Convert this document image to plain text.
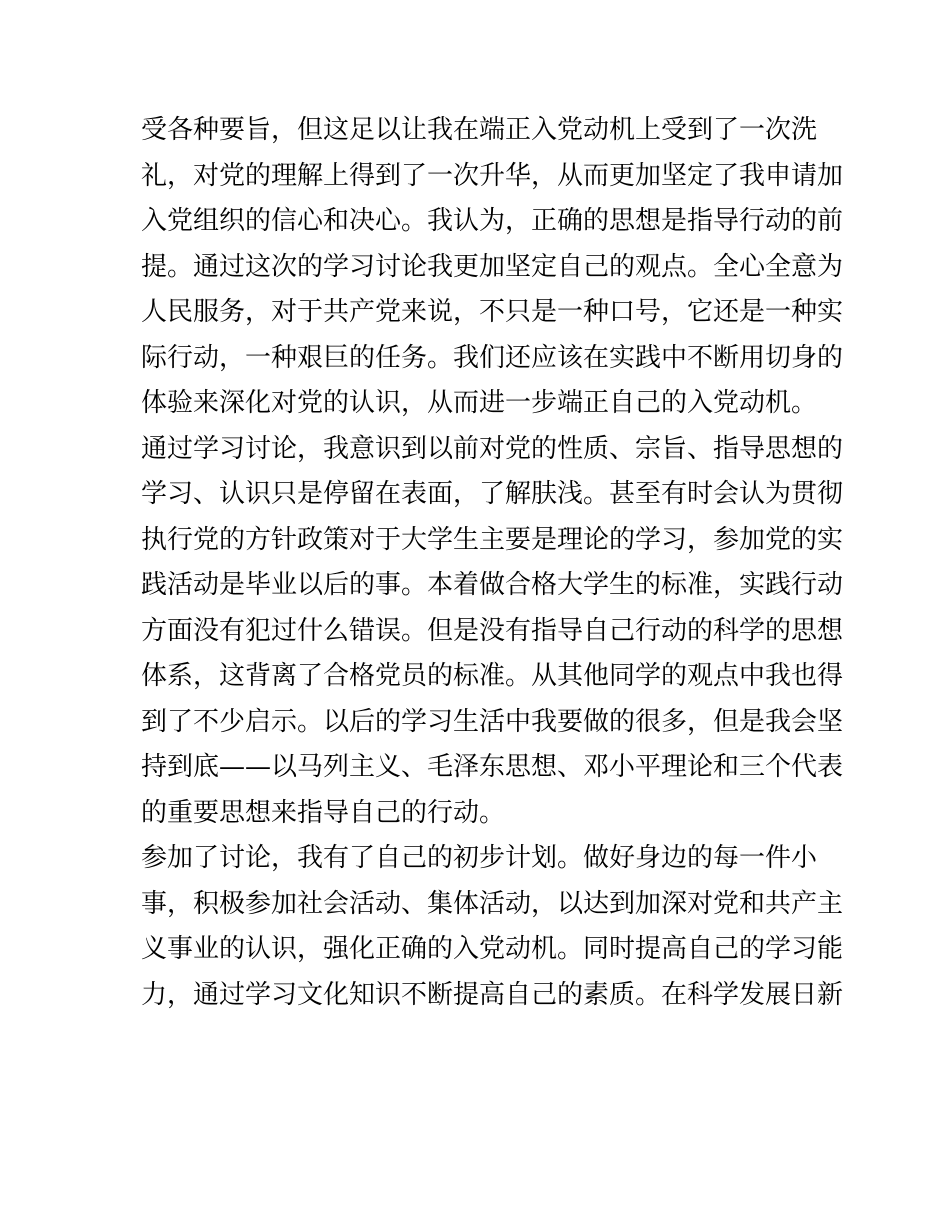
受各种要旨，但这足以让我在端正入党动机上受到了一次洗
礼，对党的理解上得到了一次升华，从而更加坚定了我申请加
入党组织的信心和决心。我认为，正确的思想是指导行动的前
提。通过这次的学习讨论我更加坚定自己的观点。全心全意为
人民服务，对于共产党来说，不只是一种口号，它还是一种实
际行动，一种艰巨的任务。我们还应该在实践中不断用切身的
体验来深化对党的认识，从而进一步端正自己的入党动机。
通过学习讨论，我意识到以前对党的性质、宗旨、指导思想的
学习、认识只是停留在表面，了解肤浅。甚至有时会认为贯彻
执行党的方针政策对于大学生主要是理论的学习，参加党的实
践活动是毕业以后的事。本着做合格大学生的标准，实践行动
方面没有犯过什么错误。但是没有指导自己行动的科学的思想
体系，这背离了合格党员的标准。从其他同学的观点中我也得
到了不少启示。以后的学习生活中我要做的很多，但是我会坚
持到底——以马列主义、毛泽东思想、邓小平理论和三个代表
的重要思想来指导自己的行动。
参加了讨论，我有了自己的初步计划。做好身边的每一件小
事，积极参加社会活动、集体活动，以达到加深对党和共产主
义事业的认识，强化正确的入党动机。同时提高自己的学习能
力，通过学习文化知识不断提高自己的素质。在科学发展日新
